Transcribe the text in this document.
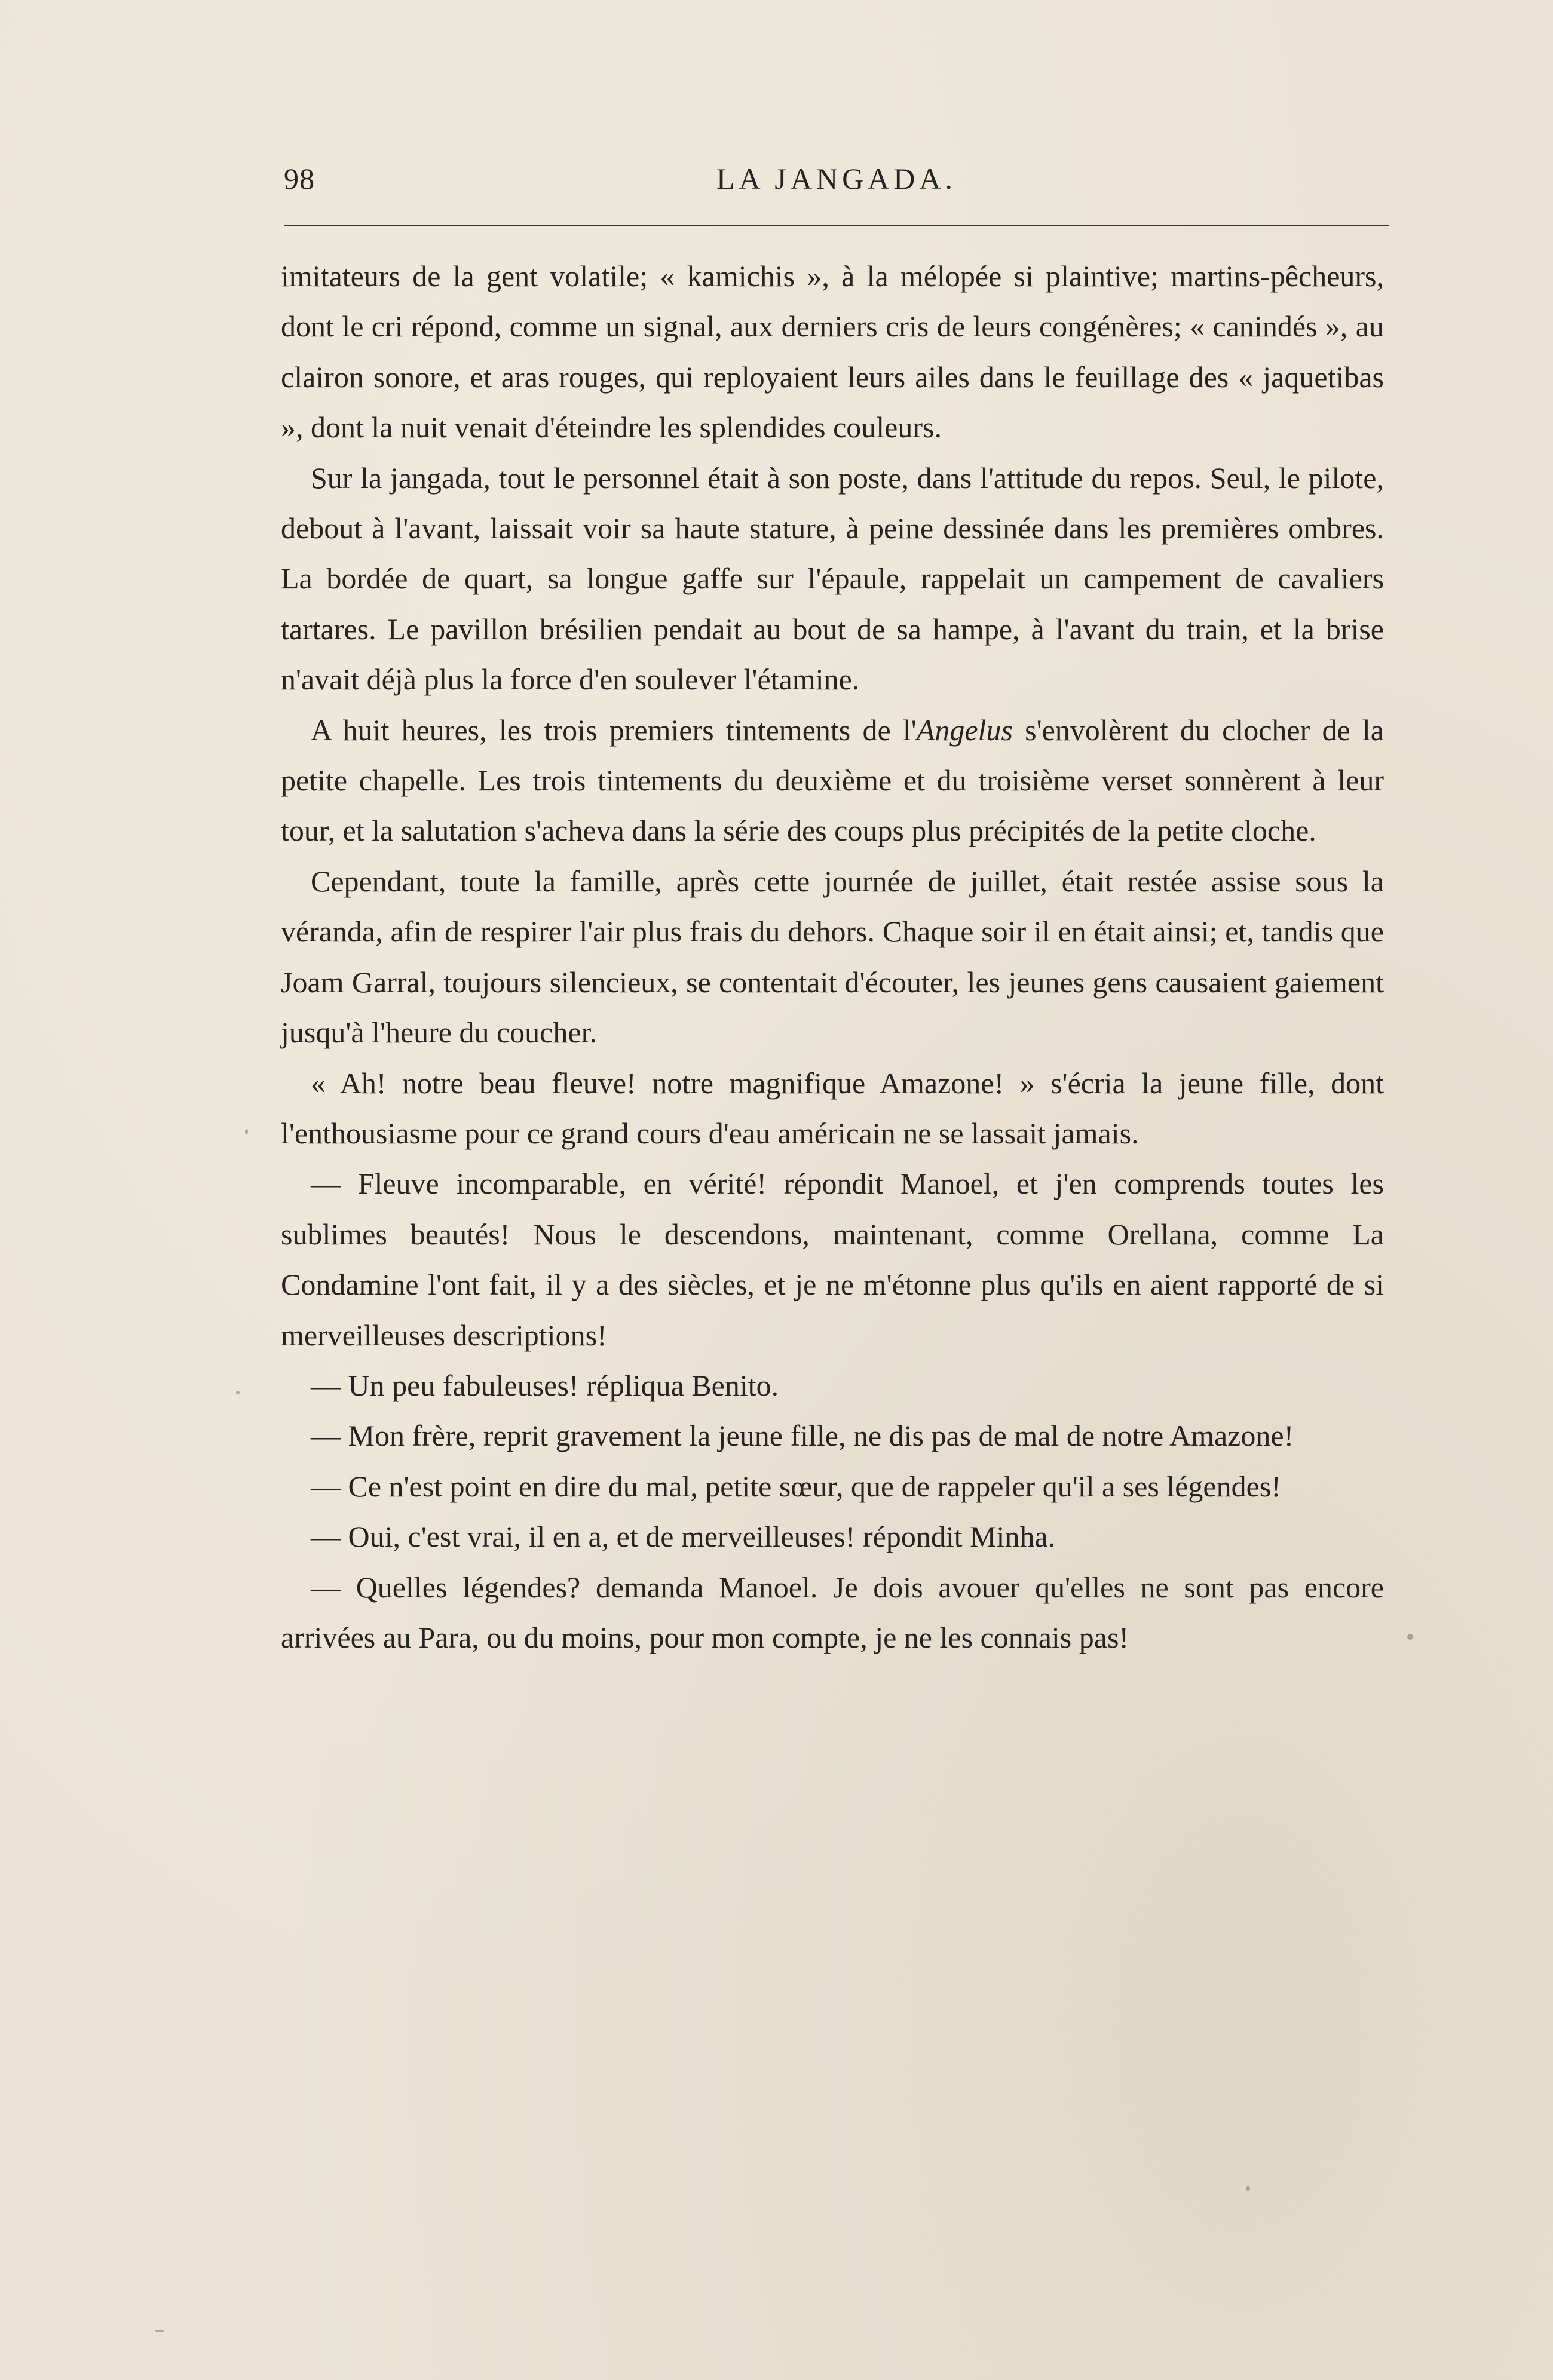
98	LA JANGADA.

imitateurs de la gent volatile; « kamichis », à la mélopée si plaintive; martins-pêcheurs, dont le cri répond, comme un signal, aux derniers cris de leurs congénères; « canindés », au clairon sonore, et aras rouges, qui reployaient leurs ailes dans le feuillage des « jaquetibas », dont la nuit venait d'éteindre les splendides couleurs.

Sur la jangada, tout le personnel était à son poste, dans l'attitude du repos. Seul, le pilote, debout à l'avant, laissait voir sa haute stature, à peine dessinée dans les premières ombres. La bordée de quart, sa longue gaffe sur l'épaule, rappelait un campement de cavaliers tartares. Le pavillon brésilien pendait au bout de sa hampe, à l'avant du train, et la brise n'avait déjà plus la force d'en soulever l'étamine.

A huit heures, les trois premiers tintements de l'Angelus s'envolèrent du clocher de la petite chapelle. Les trois tintements du deuxième et du troisième verset sonnèrent à leur tour, et la salutation s'acheva dans la série des coups plus précipités de la petite cloche.

Cependant, toute la famille, après cette journée de juillet, était restée assise sous la véranda, afin de respirer l'air plus frais du dehors. Chaque soir il en était ainsi; et, tandis que Joam Garral, toujours silencieux, se contentait d'écouter, les jeunes gens causaient gaiement jusqu'à l'heure du coucher.

« Ah! notre beau fleuve! notre magnifique Amazone! » s'écria la jeune fille, dont l'enthousiasme pour ce grand cours d'eau américain ne se lassait jamais.

— Fleuve incomparable, en vérité! répondit Manoel, et j'en comprends toutes les sublimes beautés! Nous le descendons, maintenant, comme Orellana, comme La Condamine l'ont fait, il y a des siècles, et je ne m'étonne plus qu'ils en aient rapporté de si merveilleuses descriptions!

— Un peu fabuleuses! répliqua Benito.

— Mon frère, reprit gravement la jeune fille, ne dis pas de mal de notre Amazone!

— Ce n'est point en dire du mal, petite sœur, que de rappeler qu'il a ses légendes!

— Oui, c'est vrai, il en a, et de merveilleuses! répondit Minha.

— Quelles légendes? demanda Manoel. Je dois avouer qu'elles ne sont pas encore arrivées au Para, ou du moins, pour mon compte, je ne les connais pas!
